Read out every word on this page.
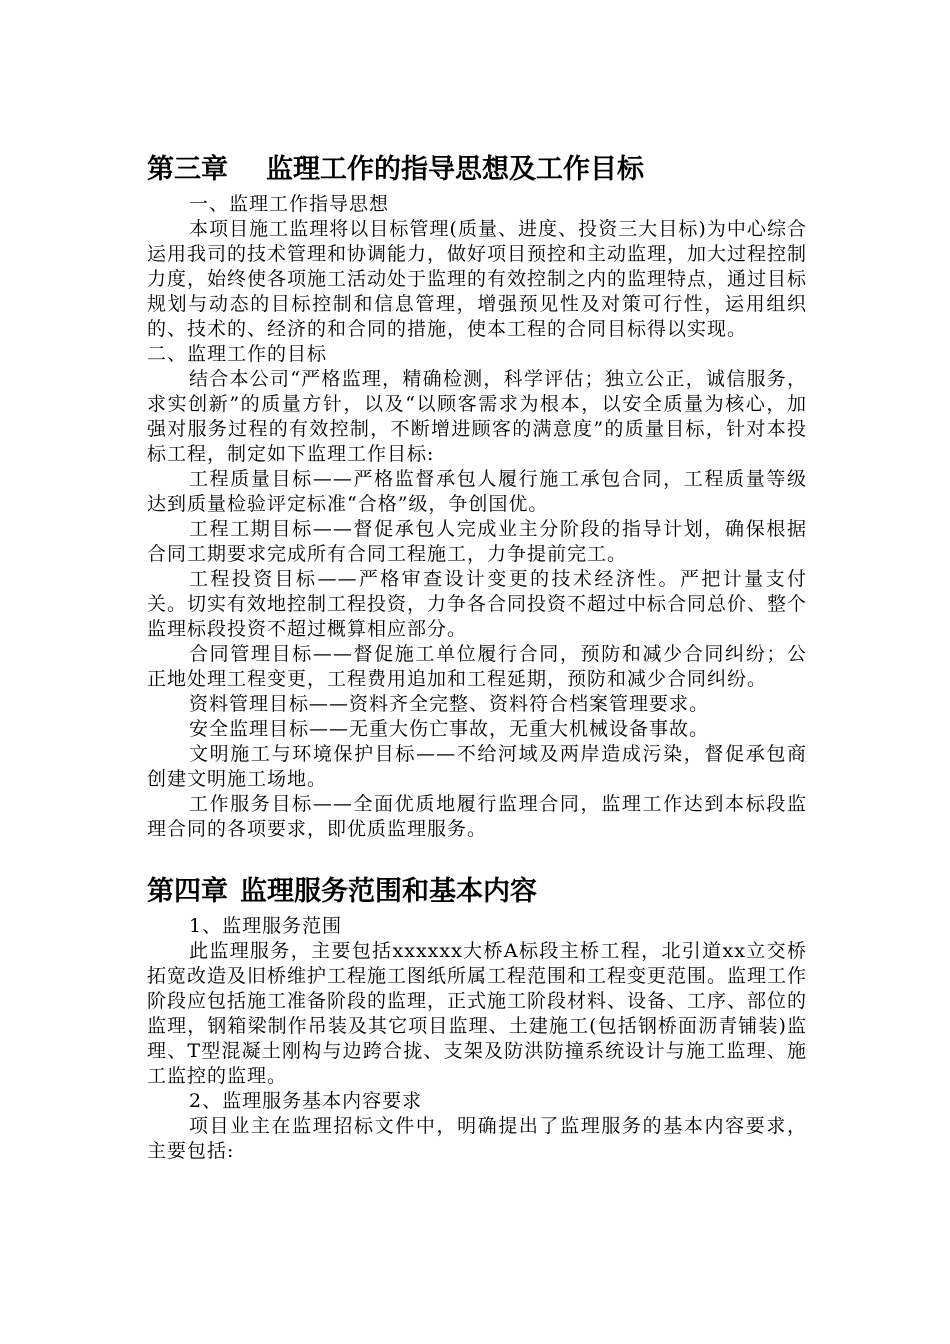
第三章 监理工作的指导思想及工作目标

一、监理工作指导思想

本项目施工监理将以目标管理(质量、进度、投资三大目标)为中心综合运用我司的技术管理和协调能力，做好项目预控和主动监理，加大过程控制力度，始终使各项施工活动处于监理的有效控制之内的监理特点，通过目标规划与动态的目标控制和信息管理，增强预见性及对策可行性，运用组织的、技术的、经济的和合同的措施，使本工程的合同目标得以实现。

二、监理工作的目标

结合本公司“严格监理，精确检测，科学评估；独立公正，诚信服务，求实创新”的质量方针，以及“以顾客需求为根本，以安全质量为核心，加强对服务过程的有效控制，不断增进顾客的满意度”的质量目标，针对本投标工程，制定如下监理工作目标:

工程质量目标——严格监督承包人履行施工承包合同，工程质量等级达到质量检验评定标准“合格”级，争创国优。

工程工期目标——督促承包人完成业主分阶段的指导计划，确保根据合同工期要求完成所有合同工程施工，力争提前完工。

工程投资目标——严格审查设计变更的技术经济性。严把计量支付关。切实有效地控制工程投资，力争各合同投资不超过中标合同总价、整个监理标段投资不超过概算相应部分。

合同管理目标——督促施工单位履行合同，预防和减少合同纠纷；公正地处理工程变更，工程费用追加和工程延期，预防和减少合同纠纷。

资料管理目标——资料齐全完整、资料符合档案管理要求。

安全监理目标——无重大伤亡事故，无重大机械设备事故。

文明施工与环境保护目标——不给河域及两岸造成污染，督促承包商创建文明施工场地。

工作服务目标——全面优质地履行监理合同，监理工作达到本标段监理合同的各项要求，即优质监理服务。

第四章 监理服务范围和基本内容

1、监理服务范围

此监理服务，主要包括xxxxxx大桥A标段主桥工程，北引道xx立交桥拓宽改造及旧桥维护工程施工图纸所属工程范围和工程变更范围。监理工作阶段应包括施工准备阶段的监理，正式施工阶段材料、设备、工序、部位的监理，钢箱梁制作吊装及其它项目监理、土建施工(包括钢桥面沥青铺装)监理、T型混凝土刚构与边跨合拢、支架及防洪防撞系统设计与施工监理、施工监控的监理。

2、监理服务基本内容要求

项目业主在监理招标文件中，明确提出了监理服务的基本内容要求，主要包括:
